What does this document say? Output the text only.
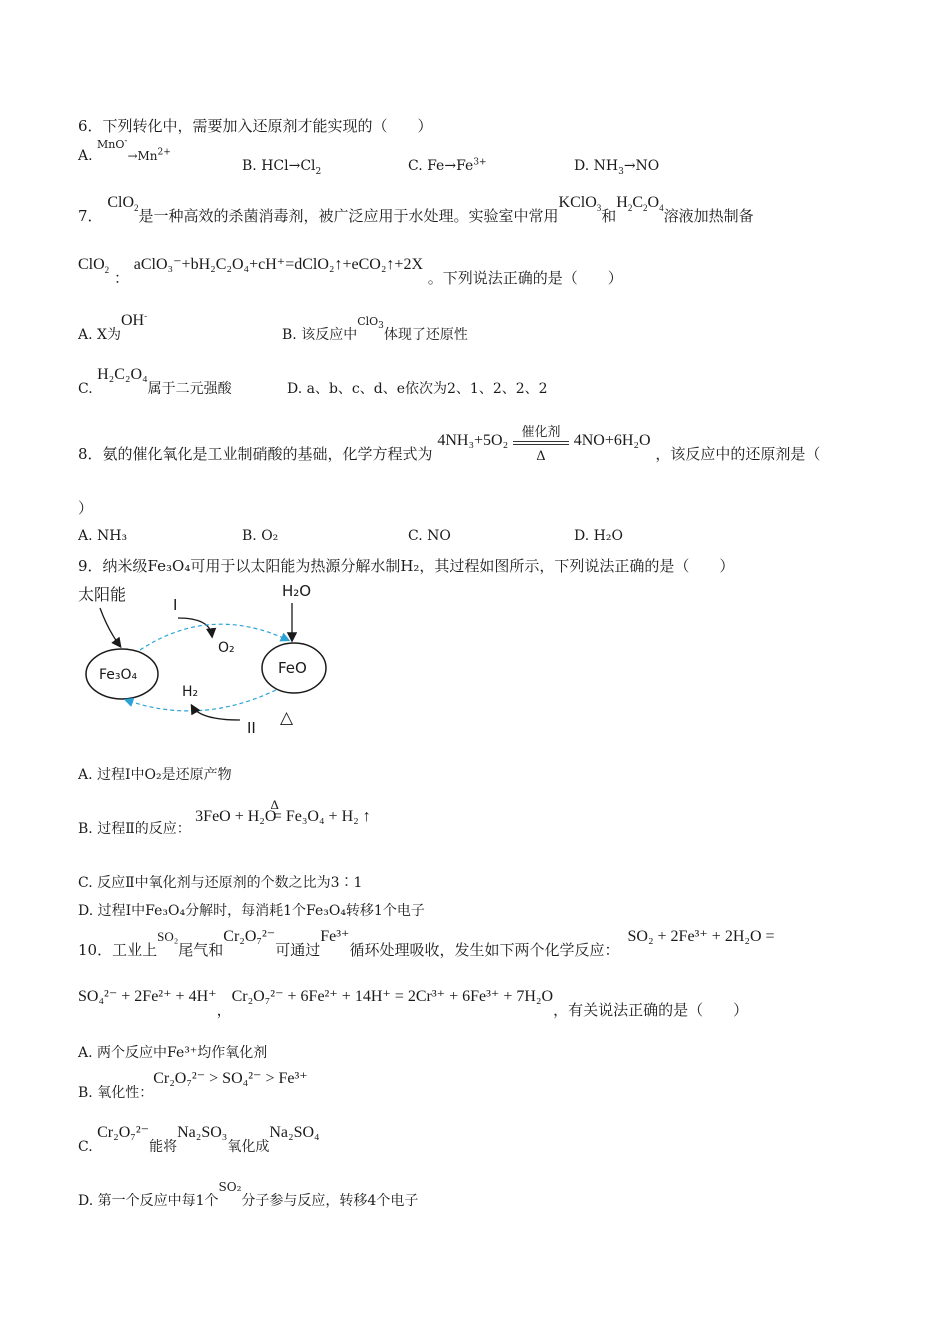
6．下列转化中，需要加入还原剂才能实现的（　　）
A. $^{MnO^-}\to Mn^{2+}$
B. $HCl\to Cl_2$	C. $Fe\to Fe^{3+}$	D. $NH_3\to NO$
7． ClO$_2$是一种高效的杀菌消毒剂，被广泛应用于水处理。实验室中常用KClO$_3$和$H_2C_2O_4$溶液加热制备
ClO$_2$ ： aClO₃⁻+bH₂C₂O₄+cH⁺=dClO₂↑+eCO₂↑+2X 。下列说法正确的是（　　）
A. X为OH-
B. 该反应中$^{ClO_3}$体现了还原性
C. H₂C₂O₄属于二元强酸	D. a、b、c、d、e依次为2、1、2、2、2
8．氨的催化氧化是工业制硝酸的基础，化学方程式为 4NH₃+5O₂	催化剂
Δ
4NO+6H₂O ，该反应中的还原剂是（
）
A. NH₃	B. O₂	C. NO	D. H₂O
9．纳米级Fe₃O₄可用于以太阳能为热源分解水制H₂，其过程如图所示，下列说法正确的是（　　）
太阳能
I
H₂O
O₂
Fe₃O₄	FeO
H₂
II △
A. 过程Ⅰ中O₂是还原产物
B. 过程Ⅱ的反应： $3FeO + H_2O^\Delta= Fe_3O_4 + H_2$ ↑
C. 反应Ⅱ中氧化剂与还原剂的个数之比为3∶1
D. 过程Ⅰ中Fe₃O₄分解时，每消耗1个Fe₃O₄转移1个电子
10．工业上SO₂尾气和Cr₂O₇²⁻可通过Fe³⁺循环处理吸收，发生如下两个化学反应：SO₂ + 2Fe³⁺ + 2H₂O =
SO₄²⁻ + 2Fe²⁺ + 4H⁺，Cr₂O₇²⁻ + 6Fe²⁺ + 14H⁺ = 2Cr³⁺ + 6Fe³⁺ + 7H₂O，有关说法正确的是（　　）
A. 两个反应中Fe³⁺均作氧化剂
B. 氧化性：Cr₂O₇²⁻ > SO₄²⁻ > Fe³⁺
C. Cr₂O₇²⁻能将Na₂SO₃氧化成Na₂SO₄
D. 第一个反应中每1个SO₂分子参与反应，转移4个电子
